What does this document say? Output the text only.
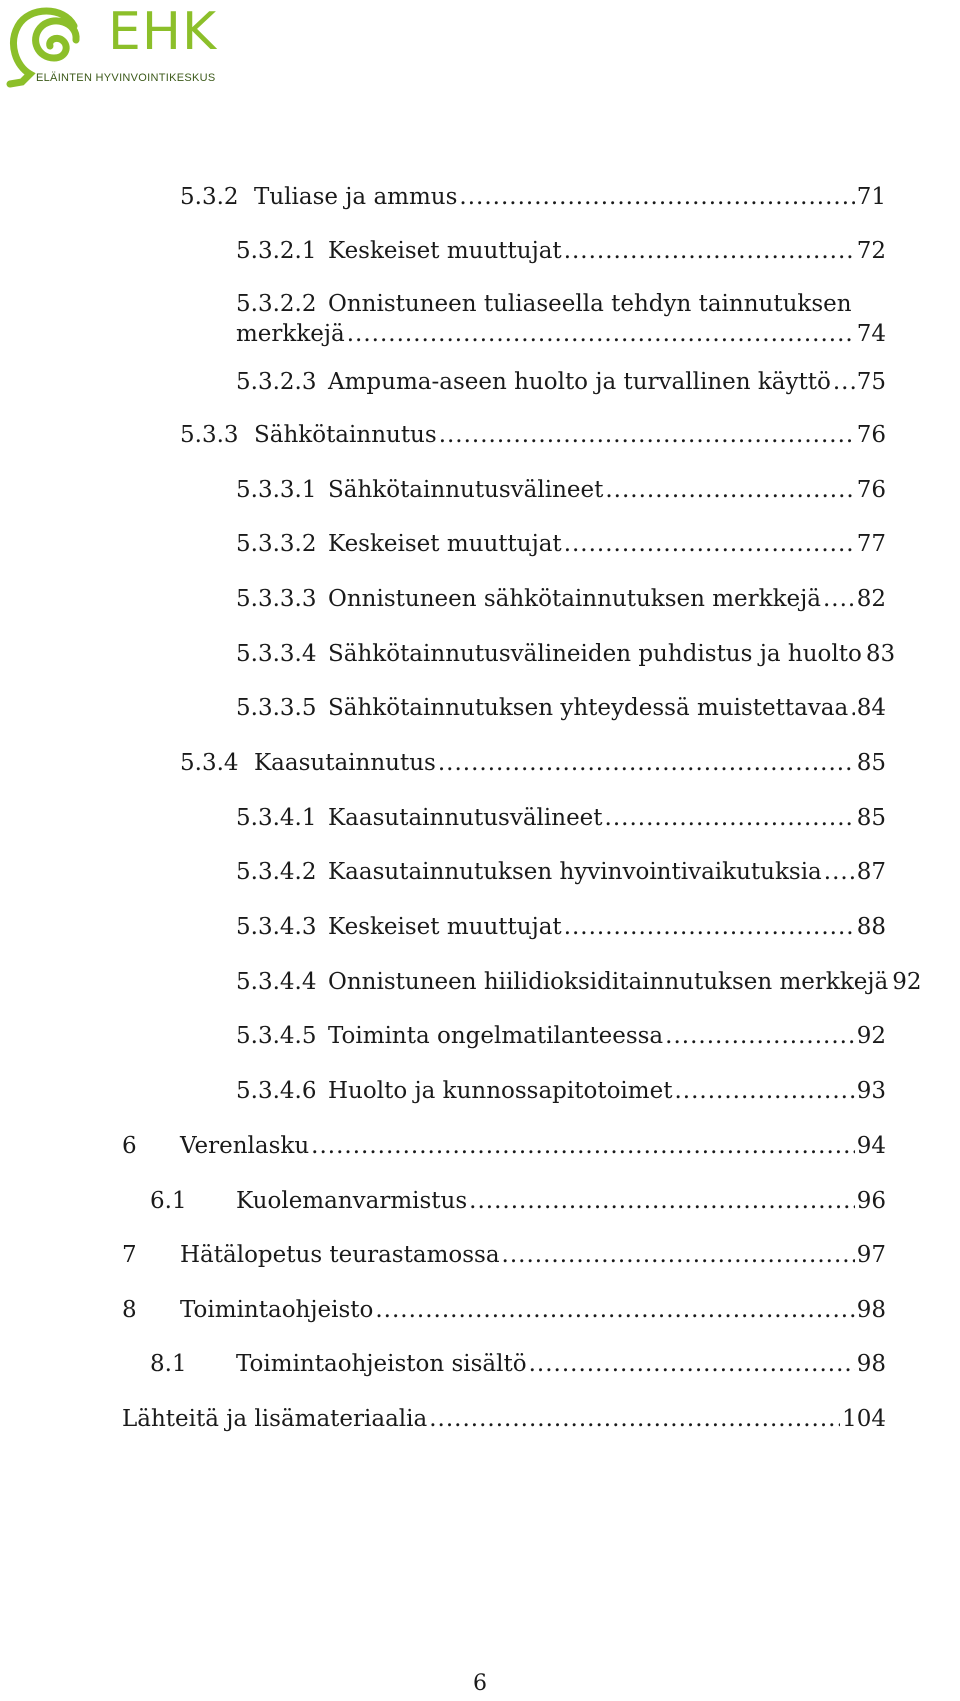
EHK
ELÄINTEN HYVINVOINTIKESKUS
5.3.2 Tuliase ja ammus .....	71
5.3.2.1 Keskeiset muuttujat .....	72
5.3.2.2 Onnistuneen tuliaseella tehdyn tainnutuksen
merkkejä .....	74
5.3.2.3 Ampuma-aseen huolto ja turvallinen käyttö ..... 75
5.3.3 Sähkötainnutus .....	76
5.3.3.1 Sähkötainnutusvälineet .....	76
5.3.3.2 Keskeiset muuttujat .....	77
5.3.3.3 Onnistuneen sähkötainnutuksen merkkejä ..... 82
5.3.3.4 Sähkötainnutusvälineiden puhdistus ja huolto 83
5.3.3.5 Sähkötainnutuksen yhteydessä muistettavaa ..... 84
5.3.4 Kaasutainnutus .....	85
5.3.4.1 Kaasutainnutusvälineet .....	85
5.3.4.2 Kaasutainnutuksen hyvinvointivaikutuksia ..... 87
5.3.4.3 Keskeiset muuttujat .....	88
5.3.4.4 Onnistuneen hiilidioksiditainnutuksen merkkejä 92
5.3.4.5 Toiminta ongelmatilanteessa .....	92
5.3.4.6 Huolto ja kunnossapitotoimet .....	93
6	Verenlasku .....	94
6.1	Kuolemanvarmistus .....	96
7	Hätälopetus teurastamossa .....	97
8	Toimintaohjeisto .....	98
8.1	Toimintaohjeiston sisältö .....	98
Lähteitä ja lisämateriaalia .....	104
6
